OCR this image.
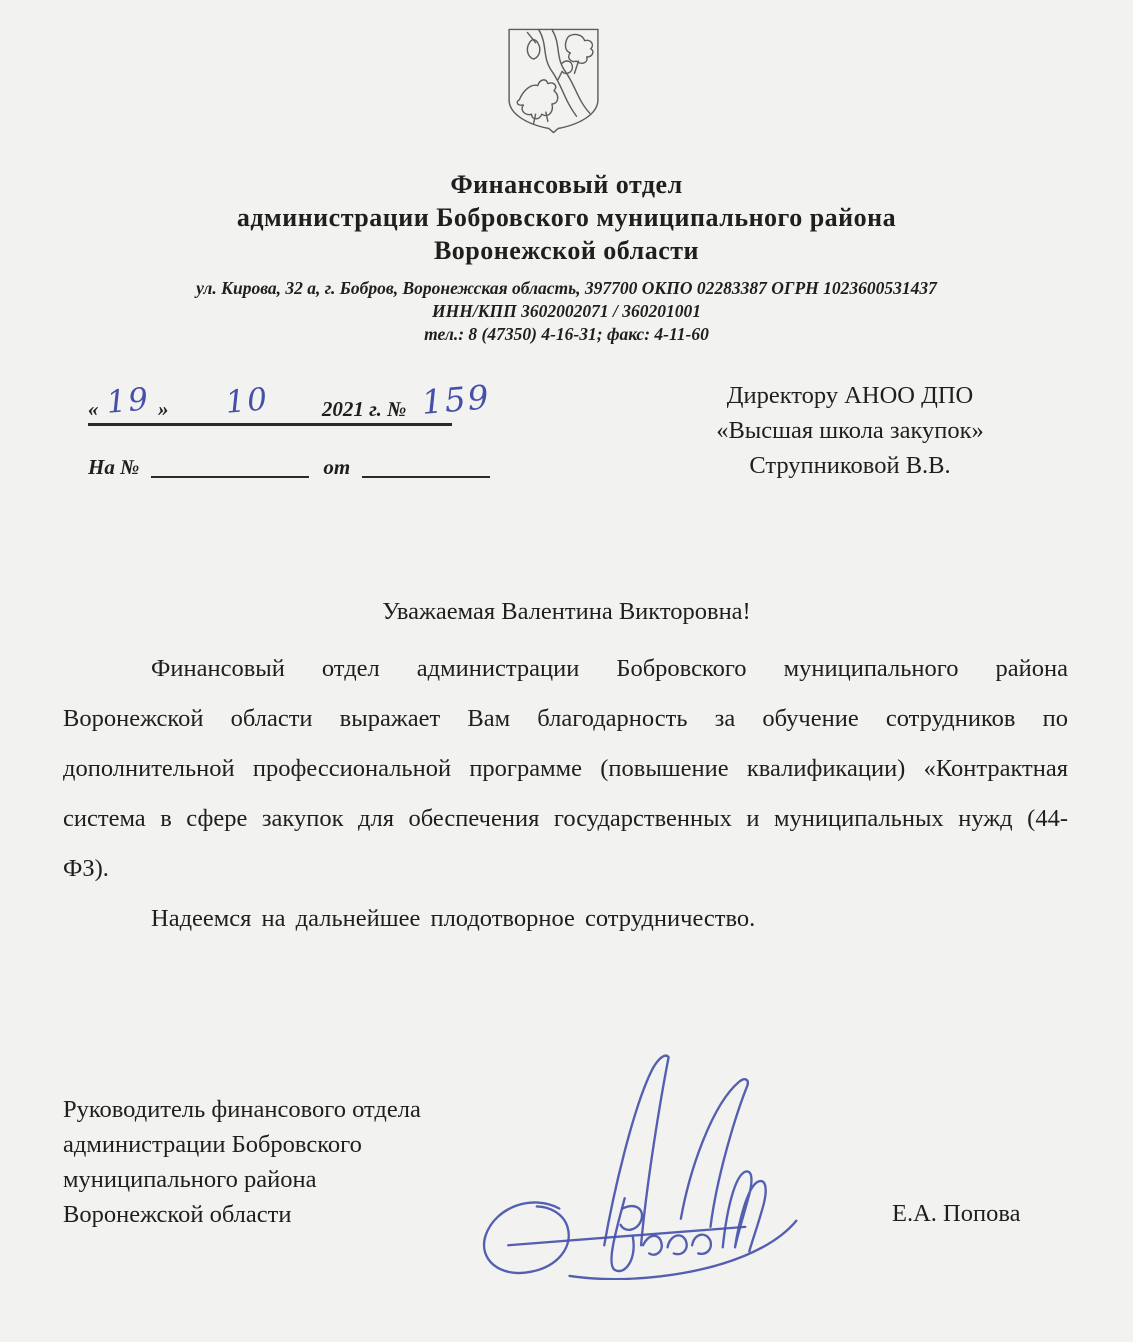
Финансовый отдел
администрации Бобровского муниципального района
Воронежской области
ул. Кирова, 32 а, г. Бобров, Воронежская область, 397700 ОКПО 02283387 ОГРН 1023600531437
ИНН/КПП 3602002071 / 360201001
тел.: 8 (47350) 4-16-31; факс: 4-11-60
« 19 » 10 2021 г. № 159
На №	от
Директору АНОО ДПО
«Высшая школа закупок»
Струпниковой В.В.
Уважаемая Валентина Викторовна!

Финансовый отдел администрации Бобровского муниципального района Воронежской области выражает Вам благодарность за обучение сотрудников по дополнительной профессиональной программе (повышение квалификации) «Контрактная система в сфере закупок для обеспечения государственных и муниципальных нужд (44-ФЗ).

Надеемся на дальнейшее плодотворное сотрудничество.

Руководитель финансового отдела
администрации Бобровского
муниципального района
Воронежской области	Е.А. Попова
